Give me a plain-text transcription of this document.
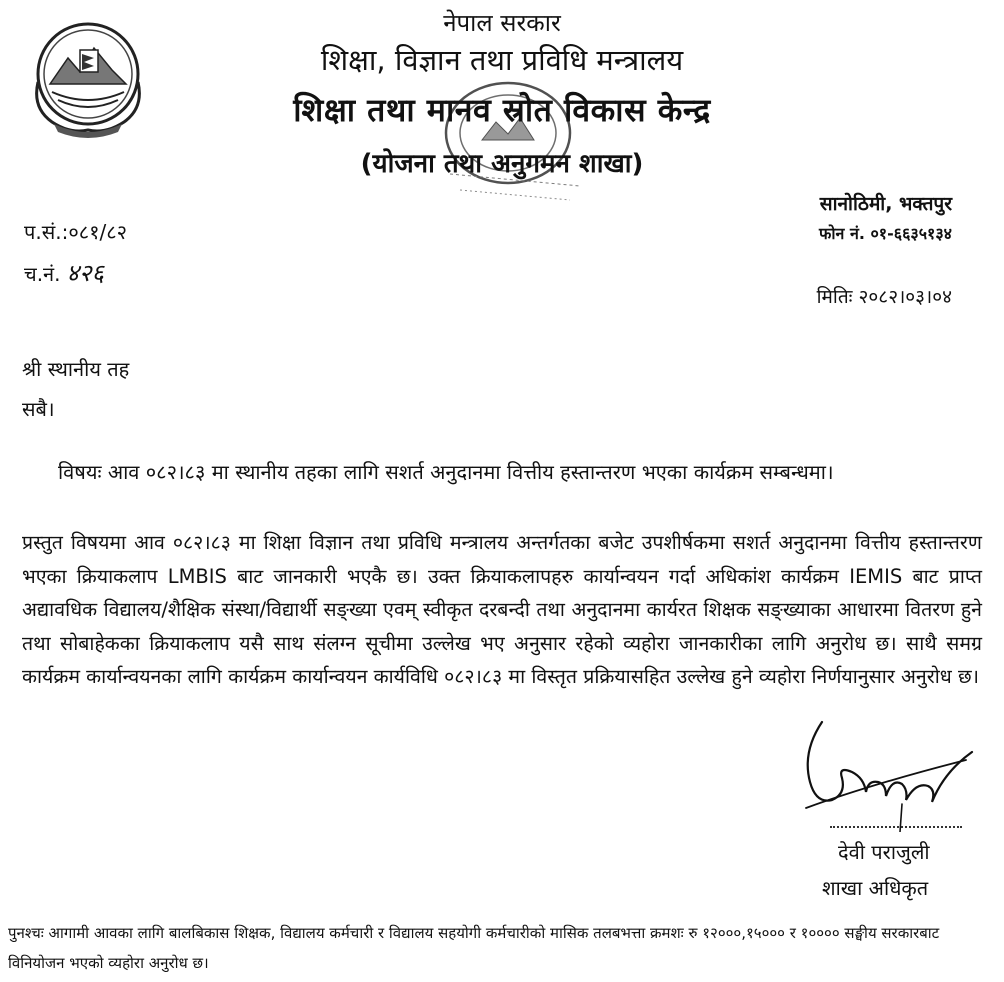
नेपाल सरकार

शिक्षा, विज्ञान तथा प्रविधि मन्त्रालय

शिक्षा तथा मानव स्रोत विकास केन्द्र

(योजना तथा अनुगमन शाखा)

सानोठिमी, भक्तपुर

फोन नं. ०१-६६३५१३४

प.सं.:०८१/८२

च.नं. ४२६

मितिः २०८२।०३।०४

श्री स्थानीय तह

सबै।

विषयः आव ०८२।८३ मा स्थानीय तहका लागि सशर्त अनुदानमा वित्तीय हस्तान्तरण भएका कार्यक्रम सम्बन्धमा।

प्रस्तुत विषयमा आव ०८२।८३ मा शिक्षा विज्ञान तथा प्रविधि मन्त्रालय अन्तर्गतका बजेट उपशीर्षकमा सशर्त अनुदानमा वित्तीय हस्तान्तरण भएका क्रियाकलाप LMBIS बाट जानकारी भएकै छ। उक्त क्रियाकलापहरु कार्यान्वयन गर्दा अधिकांश कार्यक्रम IEMIS बाट प्राप्त अद्यावधिक विद्यालय/शैक्षिक संस्था/विद्यार्थी सङ्ख्या एवम् स्वीकृत दरबन्दी तथा अनुदानमा कार्यरत शिक्षक सङ्ख्याका आधारमा वितरण हुने तथा सोबाहेकका क्रियाकलाप यसै साथ संलग्न सूचीमा उल्लेख भए अनुसार रहेको व्यहोरा जानकारीका लागि अनुरोध छ। साथै समग्र कार्यक्रम कार्यान्वयनका लागि कार्यक्रम कार्यान्वयन कार्यविधि ०८२।८३ मा विस्तृत प्रक्रियासहित उल्लेख हुने व्यहोरा निर्णयानुसार अनुरोध छ।

देवी पराजुली

शाखा अधिकृत

पुनश्चः आगामी आवका लागि बालबिकास शिक्षक, विद्यालय कर्मचारी र विद्यालय सहयोगी कर्मचारीको मासिक तलबभत्ता क्रमशः रु १२०००,१५००० र १०००० सङ्घीय सरकारबाट विनियोजन भएको व्यहोरा अनुरोध छ।
